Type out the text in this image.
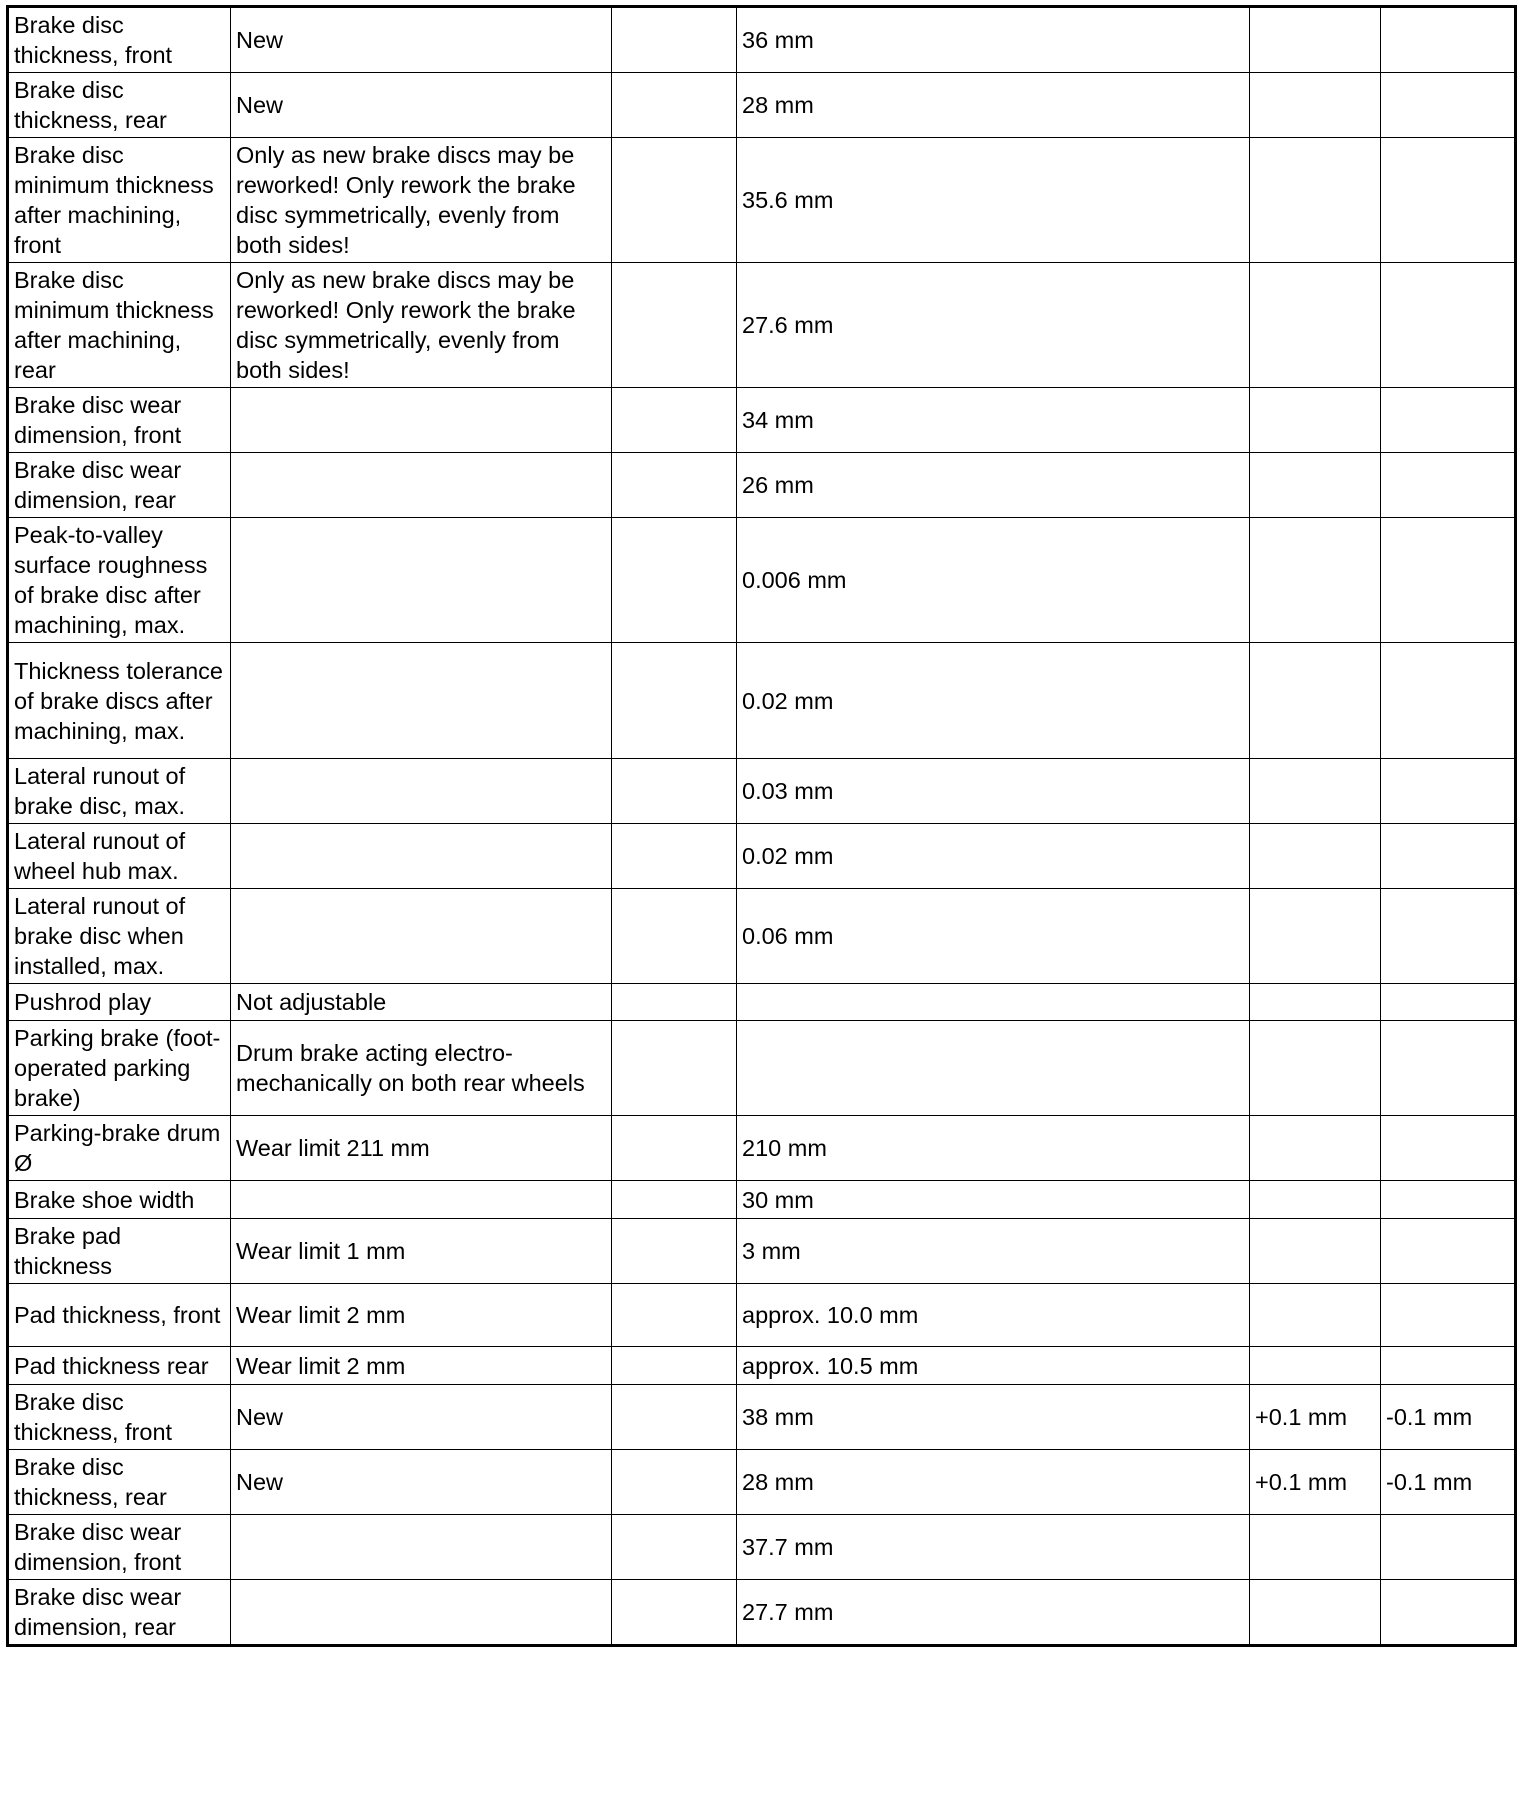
Brake disc thickness, front	New		36 mm		
Brake disc thickness, rear	New		28 mm		
Brake disc minimum thickness after machining, front	Only as new brake discs may be reworked! Only rework the brake disc symmetrically, evenly from both sides!		35.6 mm		
Brake disc minimum thickness after machining, rear	Only as new brake discs may be reworked! Only rework the brake disc symmetrically, evenly from both sides!		27.6 mm		
Brake disc wear dimension, front			34 mm		
Brake disc wear dimension, rear			26 mm		
Peak-to-valley surface roughness of brake disc after machining, max.			0.006 mm		
Thickness tolerance of brake discs after machining, max.			0.02 mm		
Lateral runout of brake disc, max.			0.03 mm		
Lateral runout of wheel hub max.			0.02 mm		
Lateral runout of brake disc when installed, max.			0.06 mm		
Pushrod play	Not adjustable				
Parking brake (foot-operated parking brake)	Drum brake acting electro-mechanically on both rear wheels				
Parking-brake drum Ø	Wear limit 211 mm		210 mm		
Brake shoe width			30 mm		
Brake pad thickness	Wear limit 1 mm		3 mm		
Pad thickness, front	Wear limit 2 mm		approx. 10.0 mm		
Pad thickness rear	Wear limit 2 mm		approx. 10.5 mm		
Brake disc thickness, front	New		38 mm	+0.1 mm	-0.1 mm
Brake disc thickness, rear	New		28 mm	+0.1 mm	-0.1 mm
Brake disc wear dimension, front			37.7 mm		
Brake disc wear dimension, rear			27.7 mm		
